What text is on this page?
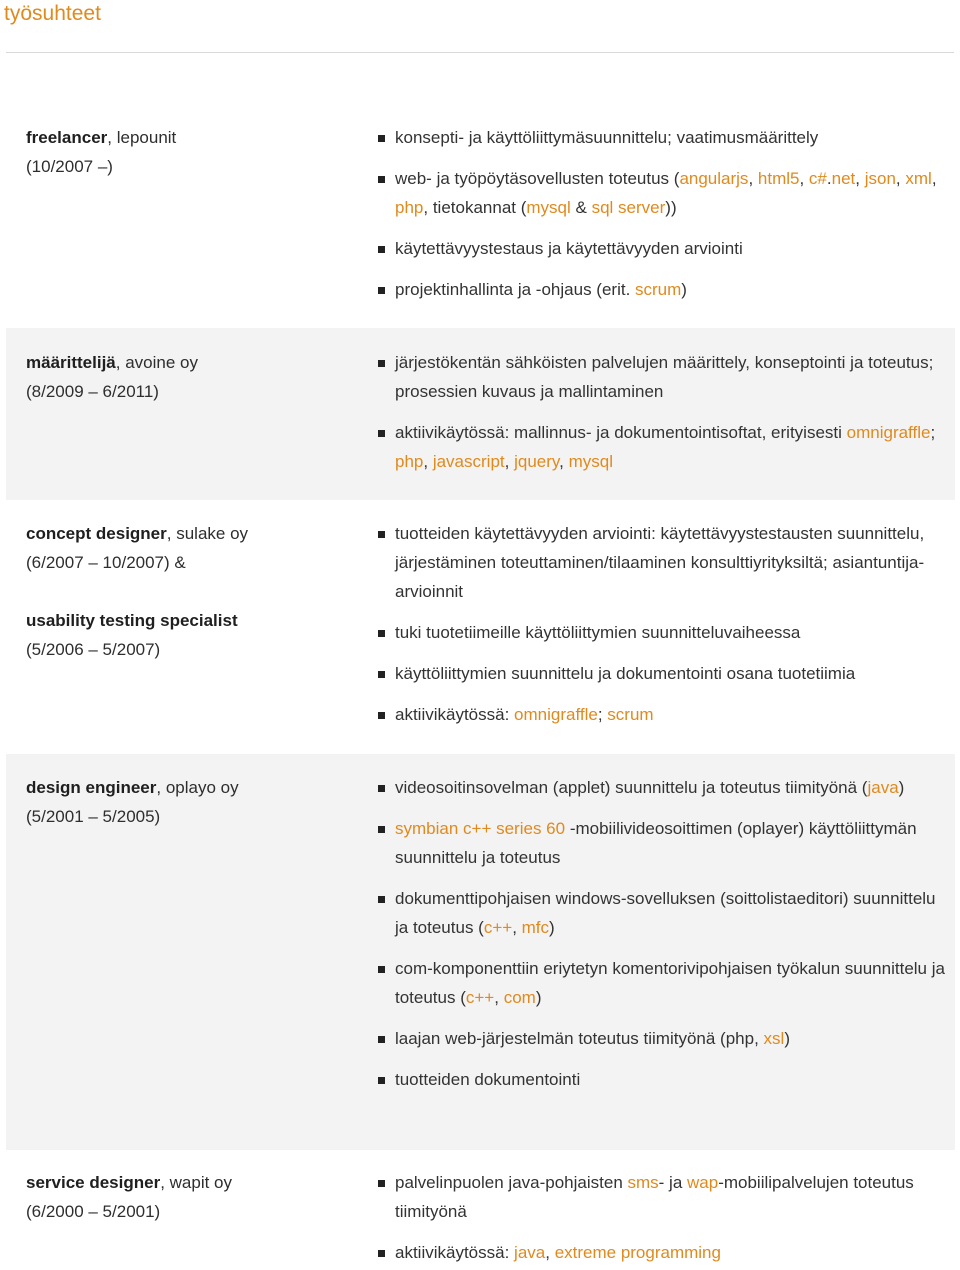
työsuhteet
freelancer, lepounit
(10/2007 –)
konsepti- ja käyttöliittymäsuunnittelu; vaatimusmäärittely
web- ja työpöytäsovellusten toteutus (angularjs, html5, c#.net, json, xml, php, tietokannat (mysql & sql server))
käytettävyystestaus ja käytettävyyden arviointi
projektinhallinta ja -ohjaus (erit. scrum)
määrittelijä, avoine oy
(8/2009 – 6/2011)
järjestökentän sähköisten palvelujen määrittely, konseptointi ja toteutus; prosessien kuvaus ja mallintaminen
aktiivikäytössä: mallinnus- ja dokumentointisoftat, erityisesti omnigraffle; php, javascript, jquery, mysql
concept designer, sulake oy
(6/2007 – 10/2007) &
usability testing specialist
(5/2006 – 5/2007)
tuotteiden käytettävyyden arviointi: käytettävyystestausten suunnittelu, järjestäminen toteuttaminen/tilaaminen konsulttiyrityksiltä; asiantuntija-arvioinnit
tuki tuotetiimeille käyttöliittymien suunnitteluvaiheessa
käyttöliittymien suunnittelu ja dokumentointi osana tuotetiimia
aktiivikäytössä: omnigraffle; scrum
design engineer, oplayo oy
(5/2001 – 5/2005)
videosoitinsovelman (applet) suunnittelu ja toteutus tiimityönä (java)
symbian c++ series 60 -mobiilivideosoittimen (oplayer) käyttöliittymän suunnittelu ja toteutus
dokumenttipohjaisen windows-sovelluksen (soittolistaeditori) suunnittelu ja toteutus (c++, mfc)
com-komponenttiin eriytetyn komentorivipohjaisen työkalun suunnittelu ja toteutus (c++, com)
laajan web-järjestelmän toteutus tiimityönä (php, xsl)
tuotteiden dokumentointi
service designer, wapit oy
(6/2000 – 5/2001)
palvelinpuolen java-pohjaisten sms- ja wap-mobiilipalvelujen toteutus tiimityönä
aktiivikäytössä: java, extreme programming
